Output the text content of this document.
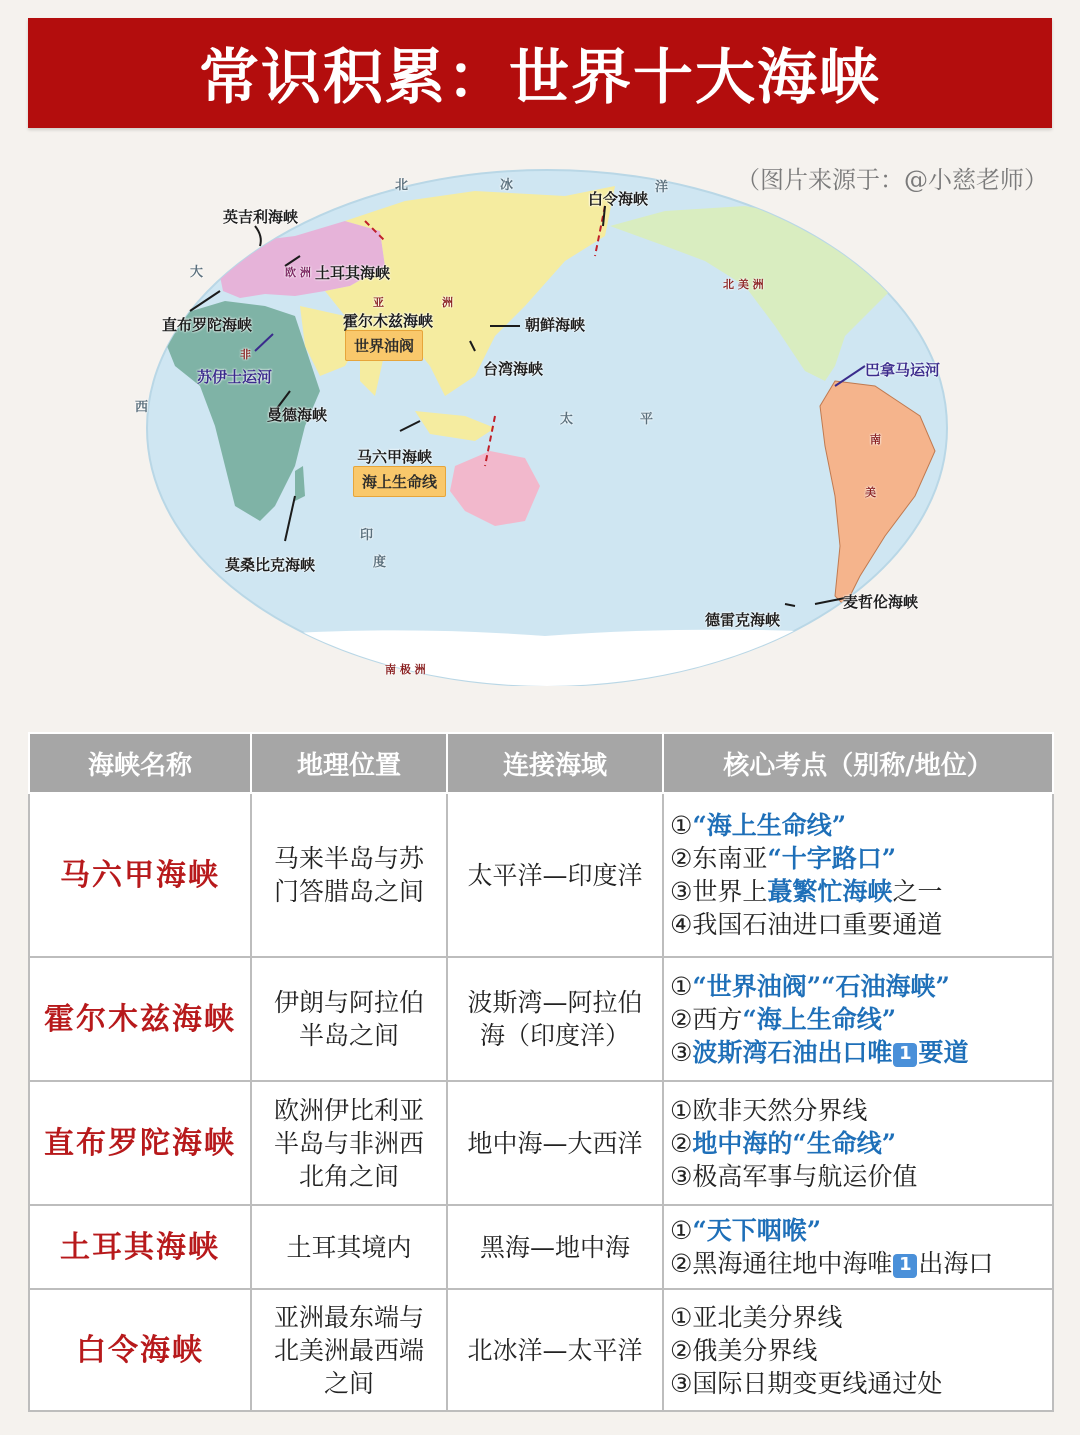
常识积累：世界十大海峡
（图片来源于：@小慈老师）
北	冰	洋
欧 洲
亚	洲
非
北 美 洲
南
美
大
西
印
度
太	平
南 极 洲
英吉利海峡
土耳其海峡
白令海峡
直布罗陀海峡	霍尔木兹海峡	朝鲜海峡
台湾海峡
苏伊士运河	巴拿马运河
曼德海峡
马六甲海峡
莫桑比克海峡
麦哲伦海峡
德雷克海峡
世界油阀
海上生命线
海峡名称	地理位置	连接海域	核心考点（别称/地位）
马六甲海峡	马来半岛与苏
门答腊岛之间	太平洋—印度洋	①“海上生命线”
②东南亚“十字路口”
③世界上蕞繁忙海峡之一
④我国石油进口重要通道

霍尔木兹海峡	伊朗与阿拉伯
半岛之间	波斯湾—阿拉伯
海（印度洋）	①“世界油阀”“石油海峡”
②西方“海上生命线”
③波斯湾石油出口唯 1 要道

直布罗陀海峡	欧洲伊比利亚
半岛与非洲西
北角之间	地中海—大西洋	①欧非天然分界线
②地中海的“生命线”
③极高军事与航运价值

土耳其海峡	土耳其境内	黑海—地中海	①“天下咽喉”
②黑海通往地中海唯 1 出海口

白令海峡	亚洲最东端与
北美洲最西端
之间	北冰洋—太平洋	①亚北美分界线
②俄美分界线
③国际日期变更线通过处
